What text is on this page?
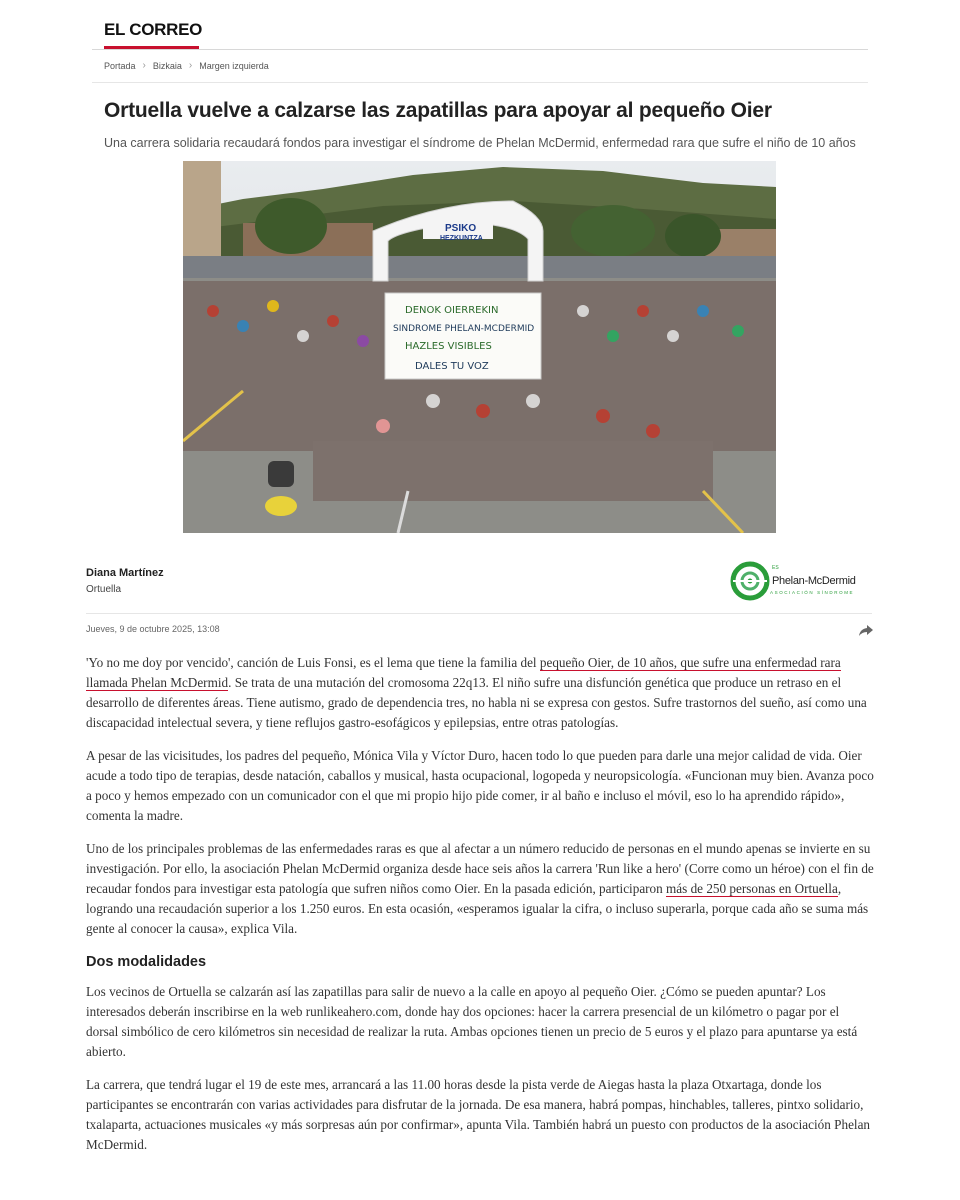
EL CORREO
Portada › Bizkaia › Margen izquierda
Ortuella vuelve a calzarse las zapatillas para apoyar al pequeño Oier

Una carrera solidaria recaudará fondos para investigar el síndrome de Phelan McDermid, enfermedad rara que sufre el niño de 10 años

PSIKO
HEZKUNTZA
DENOK OIERREKIN
SINDROME PHELAN-MCDERMID
HAZLES VISIBLES
DALES TU VOZ
Diana Martínez
Ortuella
ES
Phelan-McDermid
ASOCIACIÓN SÍNDROME
Jueves, 9 de octubre 2025, 13:08

'Yo no me doy por vencido', canción de Luis Fonsi, es el lema que tiene la familia del pequeño Oier, de 10 años, que sufre una enfermedad rara llamada Phelan McDermid. Se trata de una mutación del cromosoma 22q13. El niño sufre una disfunción genética que produce un retraso en el desarrollo de diferentes áreas. Tiene autismo, grado de dependencia tres, no habla ni se expresa con gestos. Sufre trastornos del sueño, así como una discapacidad intelectual severa, y tiene reflujos gastro-esofágicos y epilepsias, entre otras patologías.

A pesar de las vicisitudes, los padres del pequeño, Mónica Vila y Víctor Duro, hacen todo lo que pueden para darle una mejor calidad de vida. Oier acude a todo tipo de terapias, desde natación, caballos y musical, hasta ocupacional, logopeda y neuropsicología. «Funcionan muy bien. Avanza poco a poco y hemos empezado con un comunicador con el que mi propio hijo pide comer, ir al baño e incluso el móvil, eso lo ha aprendido rápido», comenta la madre.

Uno de los principales problemas de las enfermedades raras es que al afectar a un número reducido de personas en el mundo apenas se invierte en su investigación. Por ello, la asociación Phelan McDermid organiza desde hace seis años la carrera 'Run like a hero' (Corre como un héroe) con el fin de recaudar fondos para investigar esta patología que sufren niños como Oier. En la pasada edición, participaron más de 250 personas en Ortuella, logrando una recaudación superior a los 1.250 euros. En esta ocasión, «esperamos igualar la cifra, o incluso superarla, porque cada año se suma más gente al conocer la causa», explica Vila.

Dos modalidades

Los vecinos de Ortuella se calzarán así las zapatillas para salir de nuevo a la calle en apoyo al pequeño Oier. ¿Cómo se pueden apuntar? Los interesados deberán inscribirse en la web runlikeahero.com, donde hay dos opciones: hacer la carrera presencial de un kilómetro o pagar por el dorsal simbólico de cero kilómetros sin necesidad de realizar la ruta. Ambas opciones tienen un precio de 5 euros y el plazo para apuntarse ya está abierto.

La carrera, que tendrá lugar el 19 de este mes, arrancará a las 11.00 horas desde la pista verde de Aiegas hasta la plaza Otxartaga, donde los participantes se encontrarán con varias actividades para disfrutar de la jornada. De esa manera, habrá pompas, hinchables, talleres, pintxo solidario, txalaparta, actuaciones musicales «y más sorpresas aún por confirmar», apunta Vila. También habrá un puesto con productos de la asociación Phelan McDermid.
